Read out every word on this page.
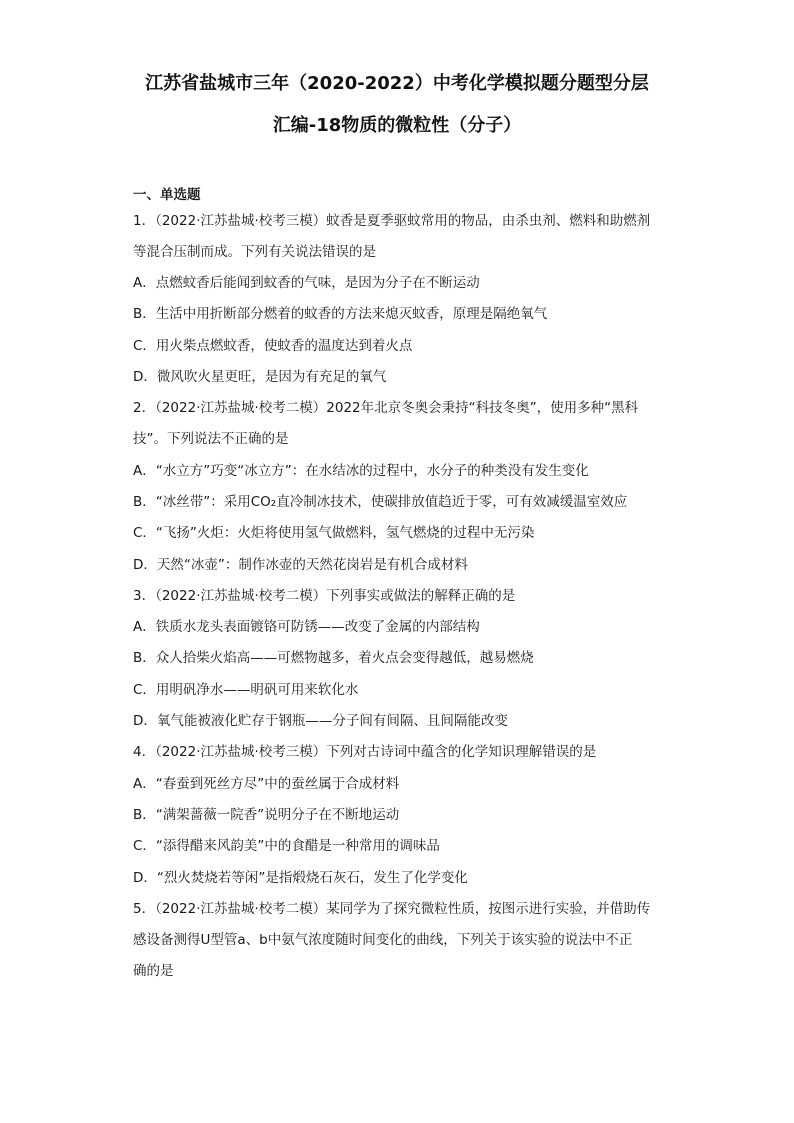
江苏省盐城市三年（2020-2022）中考化学模拟题分题型分层
汇编-18物质的微粒性（分子）
一、单选题
1．（2022·江苏盐城·校考三模）蚊香是夏季驱蚊常用的物品，由杀虫剂、燃料和助燃剂
等混合压制而成。下列有关说法错误的是
A．点燃蚊香后能闻到蚊香的气味，是因为分子在不断运动
B．生活中用折断部分燃着的蚊香的方法来熄灭蚊香，原理是隔绝氧气
C．用火柴点燃蚊香，使蚊香的温度达到着火点
D．微风吹火星更旺，是因为有充足的氧气
2．（2022·江苏盐城·校考二模）2022年北京冬奥会秉持“科技冬奥”，使用多种“黑科
技”。下列说法不正确的是
A．“水立方”巧变“冰立方”：在水结冰的过程中，水分子的种类没有发生变化
B．“冰丝带”：采用CO₂直冷制冰技术，使碳排放值趋近于零，可有效减缓温室效应
C．“飞扬”火炬：火炬将使用氢气做燃料，氢气燃烧的过程中无污染
D．天然“冰壶”：制作冰壶的天然花岗岩是有机合成材料
3．（2022·江苏盐城·校考二模）下列事实或做法的解释正确的是
A．铁质水龙头表面镀铬可防锈——改变了金属的内部结构
B．众人拾柴火焰高——可燃物越多，着火点会变得越低，越易燃烧
C．用明矾净水——明矾可用来软化水
D．氧气能被液化贮存于钢瓶——分子间有间隔、且间隔能改变
4．（2022·江苏盐城·校考三模）下列对古诗词中蕴含的化学知识理解错误的是
A．“春蚕到死丝方尽”中的蚕丝属于合成材料
B．“满架蔷薇一院香”说明分子在不断地运动
C．“添得醋来风韵美”中的食醋是一种常用的调味品
D．“烈火焚烧若等闲”是指煅烧石灰石，发生了化学变化
5．（2022·江苏盐城·校考二模）某同学为了探究微粒性质，按图示进行实验，并借助传
感设备测得U型管a、b中氨气浓度随时间变化的曲线，下列关于该实验的说法中不正
确的是
